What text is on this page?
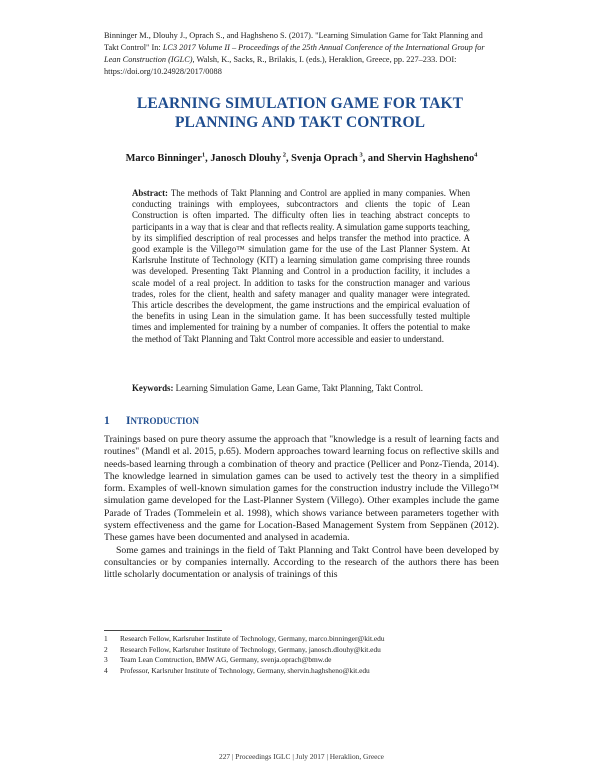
Binninger M., Dlouhy J., Oprach S., and Haghsheno S. (2017). "Learning Simulation Game for Takt Planning and Takt Control" In: LC3 2017 Volume II – Proceedings of the 25th Annual Conference of the International Group for Lean Construction (IGLC), Walsh, K., Sacks, R., Brilakis, I. (eds.), Heraklion, Greece, pp. 227–233. DOI: https://doi.org/10.24928/2017/0088
LEARNING SIMULATION GAME FOR TAKT PLANNING AND TAKT CONTROL
Marco Binninger$^1$, Janosch Dlouhy $^2$, Svenja Oprach $^3$, and Shervin Haghsheno$^4$
Abstract: The methods of Takt Planning and Control are applied in many companies. When conducting trainings with employees, subcontractors and clients the topic of Lean Construction is often imparted. The difficulty often lies in teaching abstract concepts to participants in a way that is clear and that reflects reality. A simulation game supports teaching, by its simplified description of real processes and helps transfer the method into practice. A good example is the Villego™ simulation game for the use of the Last Planner System. At Karlsruhe Institute of Technology (KIT) a learning simulation game comprising three rounds was developed. Presenting Takt Planning and Control in a production facility, it includes a scale model of a real project. In addition to tasks for the construction manager and various trades, roles for the client, health and safety manager and quality manager were integrated. This article describes the development, the game instructions and the empirical evaluation of the benefits in using Lean in the simulation game. It has been successfully tested multiple times and implemented for training by a number of companies. It offers the potential to make the method of Takt Planning and Takt Control more accessible and easier to understand.
Keywords: Learning Simulation Game, Lean Game, Takt Planning, Takt Control.
1 INTRODUCTION

Trainings based on pure theory assume the approach that "knowledge is a result of learning facts and routines" (Mandl et al. 2015, p.65). Modern approaches toward learning focus on reflective skills and needs-based learning through a combination of theory and practice (Pellicer and Ponz-Tienda, 2014). The knowledge learned in simulation games can be used to actively test the theory in a simplified form. Examples of well-known simulation games for the construction industry include the Villego™ simulation game developed for the Last-Planner System (Villego). Other examples include the game Parade of Trades (Tommelein et al. 1998), which shows variance between parameters together with system effectiveness and the game for Location-Based Management System from Seppänen (2012). These games have been documented and analysed in academia.

Some games and trainings in the field of Takt Planning and Takt Control have been developed by consultancies or by companies internally. According to the research of the authors there has been little scholarly documentation or analysis of trainings of this

1	Research Fellow, Karlsruher Institute of Technology, Germany, marco.binninger@kit.edu
2	Research Fellow, Karlsruher Institute of Technology, Germany, janosch.dlouhy@kit.edu
3	Team Lean Comtruction, BMW AG, Germany, svenja.oprach@bmw.de
4	Professor, Karlsruher Institute of Technology, Germany, shervin.haghsheno@kit.edu
227 | Proceedings IGLC | July 2017 | Heraklion, Greece
